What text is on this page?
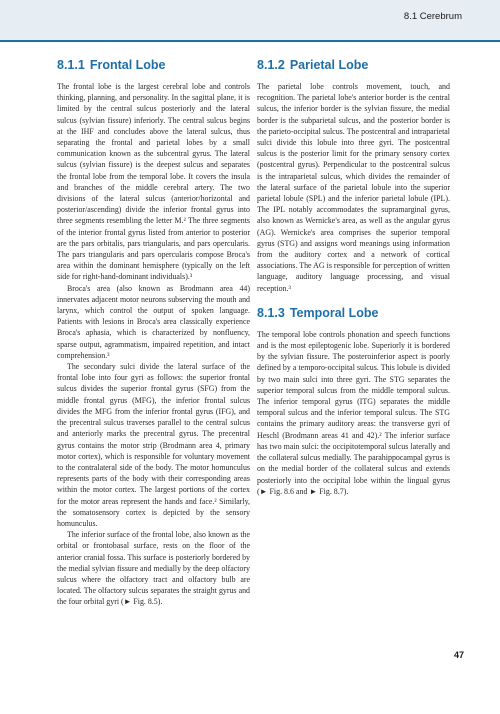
8.1 Cerebrum
8.1.1 Frontal Lobe

The frontal lobe is the largest cerebral lobe and controls thinking, planning, and personality. In the sagittal plane, it is limited by the central sulcus posteriorly and the lateral sulcus (sylvian fissure) inferiorly. The central sulcus begins at the IHF and concludes above the lateral sulcus, thus separating the frontal and parietal lobes by a small communication known as the subcentral gyrus. The lateral sulcus (sylvian fissure) is the deepest sulcus and separates the frontal lobe from the temporal lobe. It covers the insula and branches of the middle cerebral artery. The two divisions of the lateral sulcus (anterior/horizontal and posterior/ascending) divide the inferior frontal gyrus into three segments resembling the letter M.² The three segments of the interior frontal gyrus listed from anterior to posterior are the pars orbitalis, pars triangularis, and pars opercularis. The pars triangularis and pars opercularis compose Broca's area within the dominant hemisphere (typically on the left side for right-hand-dominant individuals).³

Broca's area (also known as Brodmann area 44) innervates adjacent motor neurons subserving the mouth and larynx, which control the output of spoken language. Patients with lesions in Broca's area classically experience Broca's aphasia, which is characterized by nonfluency, sparse output, agrammatism, impaired repetition, and intact comprehension.³

The secondary sulci divide the lateral surface of the frontal lobe into four gyri as follows: the superior frontal sulcus divides the superior frontal gyrus (SFG) from the middle frontal gyrus (MFG), the inferior frontal sulcus divides the MFG from the inferior frontal gyrus (IFG), and the precentral sulcus traverses parallel to the central sulcus and anteriorly marks the precentral gyrus. The precentral gyrus contains the motor strip (Brodmann area 4, primary motor cortex), which is responsible for voluntary movement to the contralateral side of the body. The motor homunculus represents parts of the body with their corresponding areas within the motor cortex. The largest portions of the cortex for the motor areas represent the hands and face.² Similarly, the somatosensory cortex is depicted by the sensory homunculus.

The inferior surface of the frontal lobe, also known as the orbital or frontobasal surface, rests on the floor of the anterior cranial fossa. This surface is posteriorly bordered by the medial sylvian fissure and medially by the deep olfactory sulcus where the olfactory tract and olfactory bulb are located. The olfactory sulcus separates the straight gyrus and the four orbital gyri (► Fig. 8.5).

8.1.2 Parietal Lobe

The parietal lobe controls movement, touch, and recognition. The parietal lobe's anterior border is the central sulcus, the inferior border is the sylvian fissure, the medial border is the subparietal sulcus, and the posterior border is the parieto-occipital sulcus. The postcentral and intraparietal sulci divide this lobule into three gyri. The postcentral sulcus is the posterior limit for the primary sensory cortex (postcentral gyrus). Perpendicular to the postcentral sulcus is the intraparietal sulcus, which divides the remainder of the lateral surface of the parietal lobule into the superior parietal lobule (SPL) and the inferior parietal lobule (IPL). The IPL notably accommodates the supramarginal gyrus, also known as Wernicke's area, as well as the angular gyrus (AG). Wernicke's area comprises the superior temporal gyrus (STG) and assigns word meanings using information from the auditory cortex and a network of cortical associations. The AG is responsible for perception of written language, auditory language processing, and visual reception.³

8.1.3 Temporal Lobe

The temporal lobe controls phonation and speech functions and is the most epileptogenic lobe. Superiorly it is bordered by the sylvian fissure. The posteroinferior aspect is poorly defined by a temporo-occipital sulcus. This lobule is divided by two main sulci into three gyri. The STG separates the superior temporal sulcus from the middle temporal sulcus. The inferior temporal gyrus (ITG) separates the middle temporal sulcus and the inferior temporal sulcus. The STG contains the primary auditory areas: the transverse gyri of Heschl (Brodmann areas 41 and 42).² The inferior surface has two main sulci: the occipitotemporal sulcus laterally and the collateral sulcus medially. The parahippocampal gyrus is on the medial border of the collateral sulcus and extends posteriorly into the occipital lobe within the lingual gyrus (► Fig. 8.6 and ► Fig. 8.7).

47
